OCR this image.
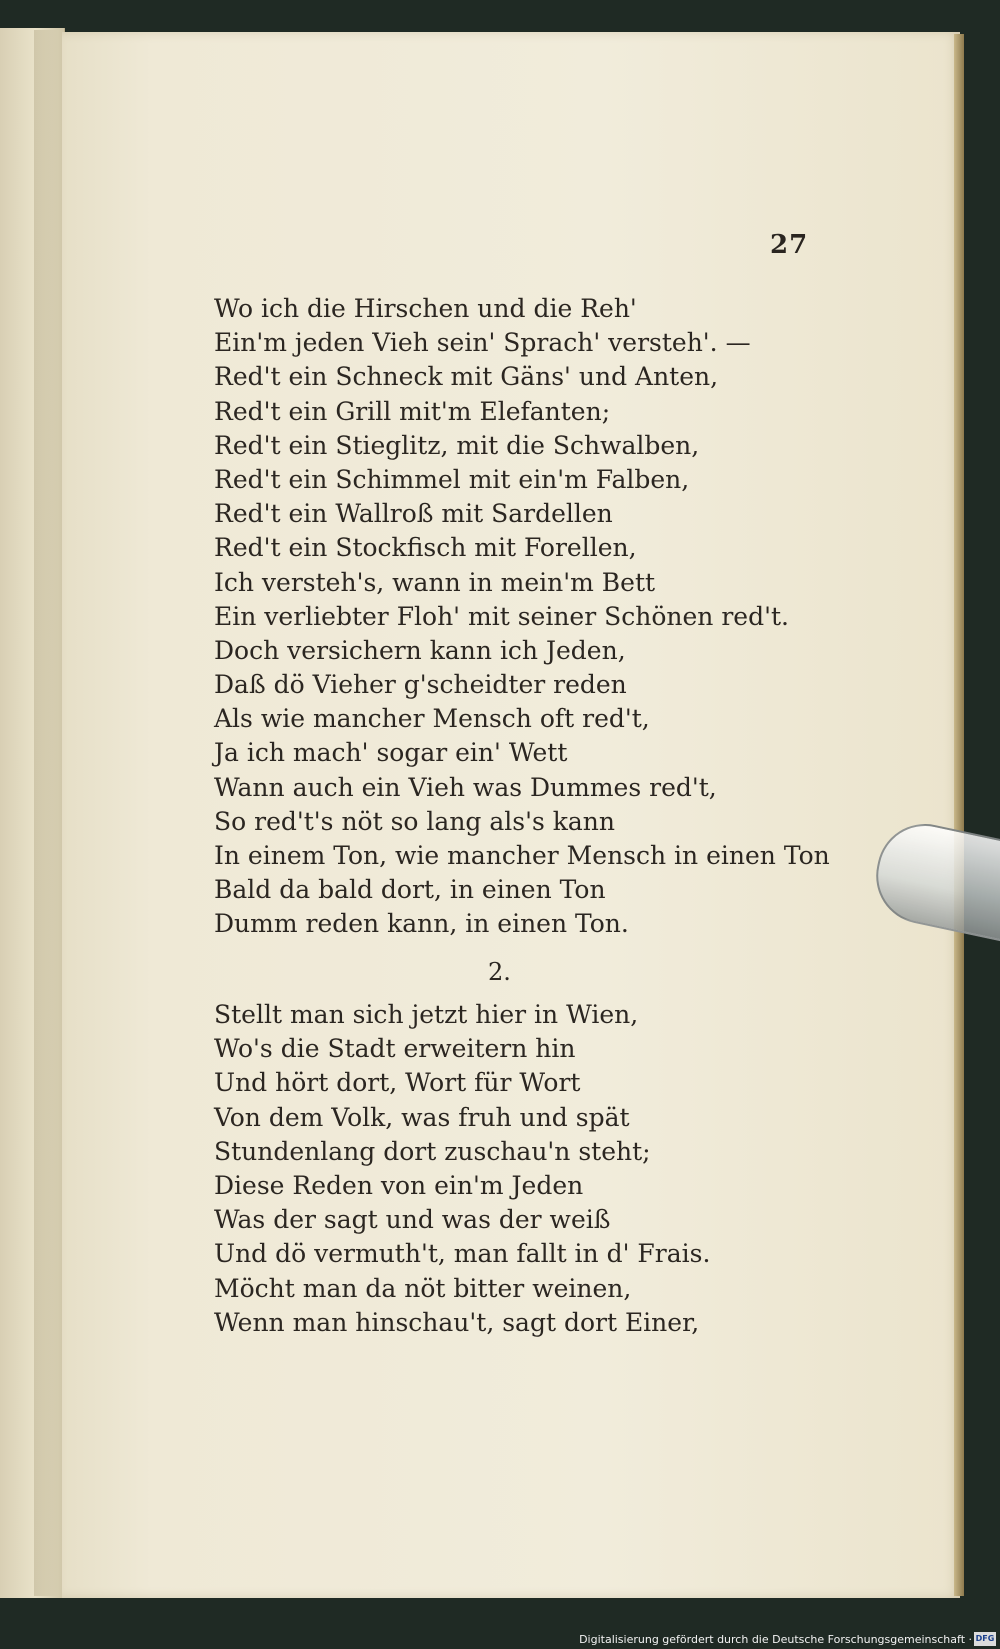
27
Wo ich die Hirschen und die Reh'
Ein'm jeden Vieh sein' Sprach' versteh'. —
Red't ein Schneck mit Gäns' und Anten,
Red't ein Grill mit'm Elefanten;
Red't ein Stieglitz, mit die Schwalben,
Red't ein Schimmel mit ein'm Falben,
Red't ein Wallroß mit Sardellen
Red't ein Stockfisch mit Forellen,
Ich versteh's, wann in mein'm Bett
Ein verliebter Floh' mit seiner Schönen red't.
Doch versichern kann ich Jeden,
Daß dö Vieher g'scheidter reden
Als wie mancher Mensch oft red't,
Ja ich mach' sogar ein' Wett
Wann auch ein Vieh was Dummes red't,
So red't's nöt so lang als's kann
In einem Ton, wie mancher Mensch in einen Ton
Bald da bald dort, in einen Ton
Dumm reden kann, in einen Ton.
2.
Stellt man sich jetzt hier in Wien,
Wo's die Stadt erweitern hin
Und hört dort, Wort für Wort
Von dem Volk, was fruh und spät
Stundenlang dort zuschau'n steht;
Diese Reden von ein'm Jeden
Was der sagt und was der weiß
Und dö vermuth't, man fallt in d' Frais.
Möcht man da nöt bitter weinen,
Wenn man hinschau't, sagt dort Einer,
Digitalisierung gefördert durch die Deutsche Forschungsgemeinschaft · DFG
